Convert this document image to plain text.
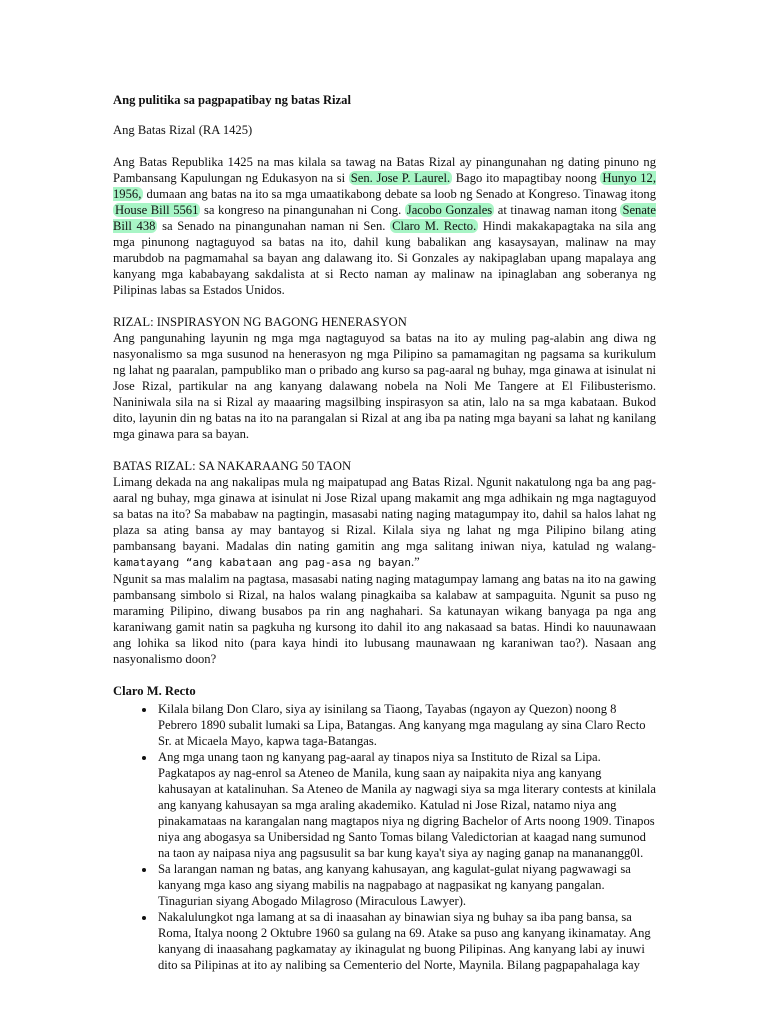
Ang pulitika sa pagpapatibay ng batas Rizal

Ang Batas Rizal (RA 1425)

Ang Batas Republika 1425 na mas kilala sa tawag na Batas Rizal ay pinangunahan ng dating pinuno ng Pambansang Kapulungan ng Edukasyon na si Sen. Jose P. Laurel. Bago ito mapagtibay noong Hunyo 12, 1956, dumaan ang batas na ito sa mga umaatikabong debate sa loob ng Senado at Kongreso. Tinawag itong House Bill 5561 sa kongreso na pinangunahan ni Cong. Jacobo Gonzales at tinawag naman itong Senate Bill 438 sa Senado na pinangunahan naman ni Sen. Claro M. Recto. Hindi makakapagtaka na sila ang mga pinunong nagtaguyod sa batas na ito, dahil kung babalikan ang kasaysayan, malinaw na may marubdob na pagmamahal sa bayan ang dalawang ito. Si Gonzales ay nakipaglaban upang mapalaya ang kanyang mga kababayang sakdalista at si Recto naman ay malinaw na ipinaglaban ang soberanya ng Pilipinas labas sa Estados Unidos.

RIZAL: INSPIRASYON NG BAGONG HENERASYON

Ang pangunahing layunin ng mga mga nagtaguyod sa batas na ito ay muling pag-alabin ang diwa ng nasyonalismo sa mga susunod na henerasyon ng mga Pilipino sa pamamagitan ng pagsama sa kurikulum ng lahat ng paaralan, pampubliko man o pribado ang kurso sa pag-aaral ng buhay, mga ginawa at isinulat ni Jose Rizal, partikular na ang kanyang dalawang nobela na Noli Me Tangere at El Filibusterismo. Naniniwala sila na si Rizal ay maaaring magsilbing inspirasyon sa atin, lalo na sa mga kabataan. Bukod dito, layunin din ng batas na ito na parangalan si Rizal at ang iba pa nating mga bayani sa lahat ng kanilang mga ginawa para sa bayan.

BATAS RIZAL: SA NAKARAANG 50 TAON

Limang dekada na ang nakalipas mula ng maipatupad ang Batas Rizal. Ngunit nakatulong nga ba ang pag-aaral ng buhay, mga ginawa at isinulat ni Jose Rizal upang makamit ang mga adhikain ng mga nagtaguyod sa batas na ito? Sa mababaw na pagtingin, masasabi nating naging matagumpay ito, dahil sa halos lahat ng plaza sa ating bansa ay may bantayog si Rizal. Kilala siya ng lahat ng mga Pilipino bilang ating pambansang bayani. Madalas din nating gamitin ang mga salitang iniwan niya, katulad ng walang-kamatayang “ang kabataan ang pag-asa ng bayan.”

Ngunit sa mas malalim na pagtasa, masasabi nating naging matagumpay lamang ang batas na ito na gawing pambansang simbolo si Rizal, na halos walang pinagkaiba sa kalabaw at sampaguita. Ngunit sa puso ng maraming Pilipino, diwang busabos pa rin ang naghahari. Sa katunayan wikang banyaga pa nga ang karaniwang gamit natin sa pagkuha ng kursong ito dahil ito ang nakasaad sa batas. Hindi ko nauunawaan ang lohika sa likod nito (para kaya hindi ito lubusang maunawaan ng karaniwan tao?). Nasaan ang nasyonalismo doon?

Claro M. Recto

• Kilala bilang Don Claro, siya ay isinilang sa Tiaong, Tayabas (ngayon ay Quezon) noong 8 Pebrero 1890 subalit lumaki sa Lipa, Batangas. Ang kanyang mga magulang ay sina Claro Recto Sr. at Micaela Mayo, kapwa taga-Batangas.
• Ang mga unang taon ng kanyang pag-aaral ay tinapos niya sa Instituto de Rizal sa Lipa. Pagkatapos ay nag-enrol sa Ateneo de Manila, kung saan ay naipakita niya ang kanyang kahusayan at katalinuhan. Sa Ateneo de Manila ay nagwagi siya sa mga literary contests at kinilala ang kanyang kahusayan sa mga araling akademiko. Katulad ni Jose Rizal, natamo niya ang pinakamataas na karangalan nang magtapos niya ng digring Bachelor of Arts noong 1909. Tinapos niya ang abogasya sa Unibersidad ng Santo Tomas bilang Valedictorian at kaagad nang sumunod na taon ay naipasa niya ang pagsusulit sa bar kung kaya't siya ay naging ganap na mananangg0l.
• Sa larangan naman ng batas, ang kanyang kahusayan, ang kagulat-gulat niyang pagwawagi sa kanyang mga kaso ang siyang mabilis na nagpabago at nagpasikat ng kanyang pangalan. Tinagurian siyang Abogado Milagroso (Miraculous Lawyer).
• Nakalulungkot nga lamang at sa di inaasahan ay binawian siya ng buhay sa iba pang bansa, sa Roma, Italya noong 2 Oktubre 1960 sa gulang na 69. Atake sa puso ang kanyang ikinamatay. Ang kanyang di inaasahang pagkamatay ay ikinagulat ng buong Pilipinas. Ang kanyang labi ay inuwi dito sa Pilipinas at ito ay nalibing sa Cementerio del Norte, Maynila. Bilang pagpapahalaga kay
